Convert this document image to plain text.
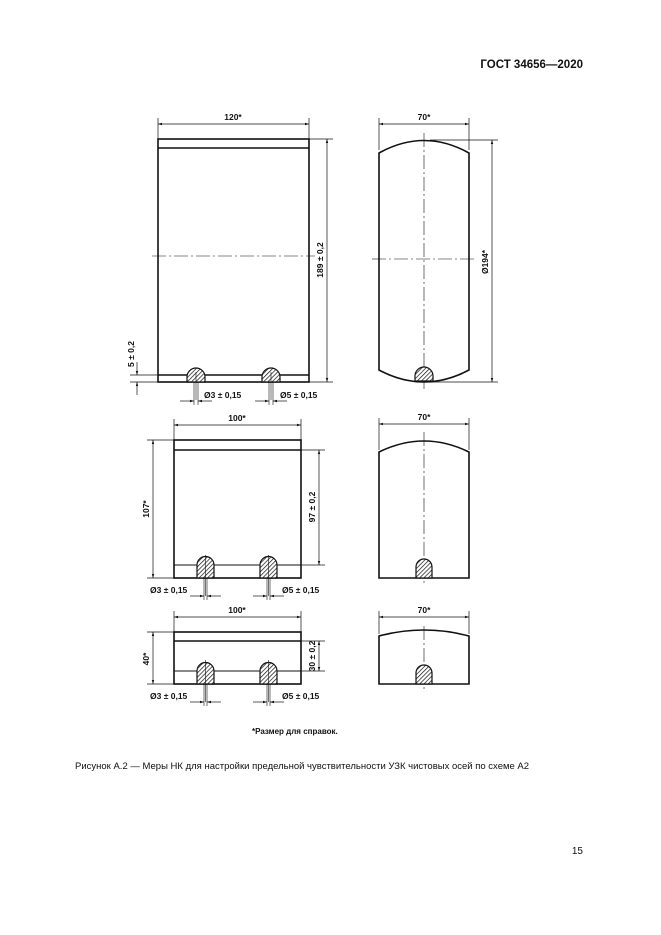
ГОСТ 34656—2020
120*
189 ± 0,2
5 ± 0,2
Ø3 ± 0,15	Ø5 ± 0,15
70*
Ø194*
100*
107*	97 ± 0,2
Ø3 ± 0,15	Ø5 ± 0,15
70*
100*
40*	30 ± 0,2
Ø3 ± 0,15	Ø5 ± 0,15
70*
*Размер для справок.
Рисунок А.2 — Меры НК для настройки предельной чувствительности УЗК чистовых осей по схеме А2
15
